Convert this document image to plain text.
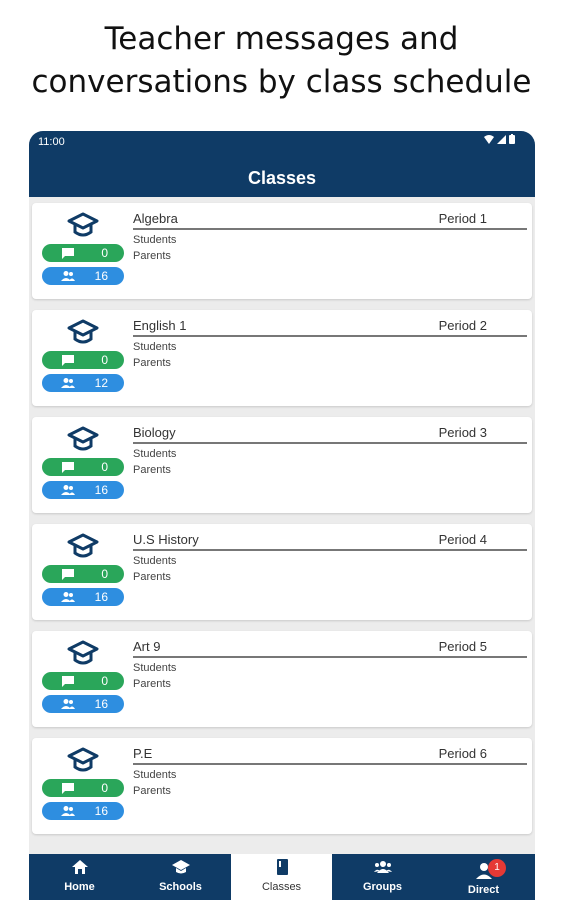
Teacher messages and
conversations by class schedule
11:00
Classes
0
16
Algebra	Period 1
Students
Parents
0
12
English 1	Period 2
Students
Parents
0
16
Biology	Period 3
Students
Parents
0
16
U.S History	Period 4
Students
Parents
0
16
Art 9	Period 5
Students
Parents
0
16
P.E	Period 6
Students
Parents
Home	Schools	Classes	Groups
1
Direct
